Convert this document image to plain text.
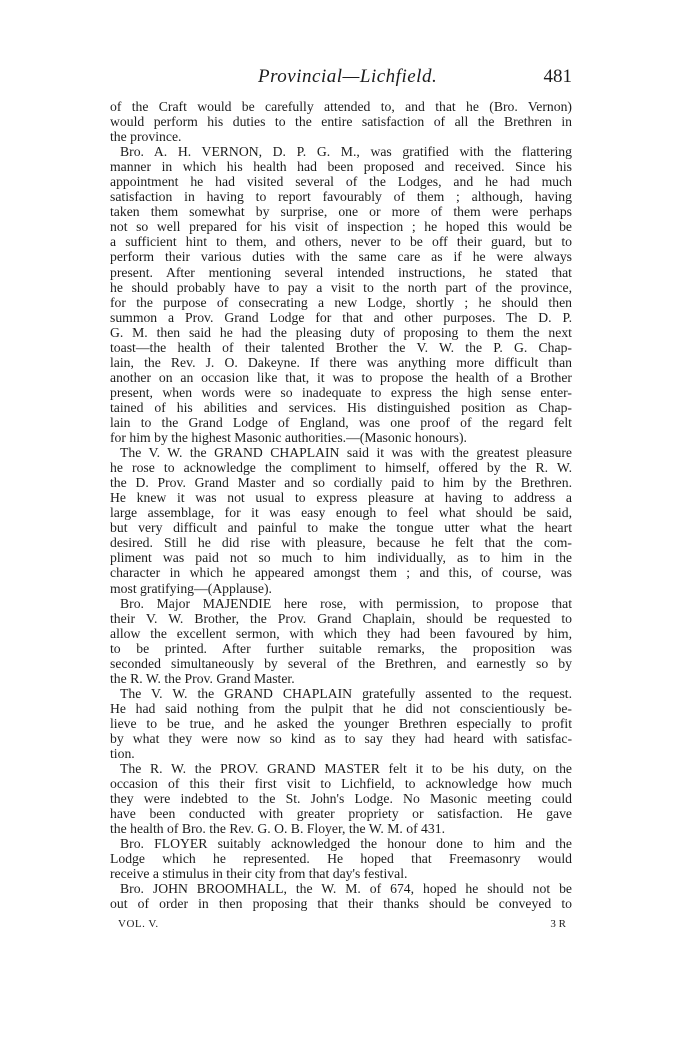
Provincial—Lichfield.	481
of the Craft would be carefully attended to, and that he (Bro. Vernon)
would perform his duties to the entire satisfaction of all the Brethren in
the province.
Bro. A. H. VERNON, D. P. G. M., was gratified with the flattering
manner in which his health had been proposed and received. Since his
appointment he had visited several of the Lodges, and he had much
satisfaction in having to report favourably of them ; although, having
taken them somewhat by surprise, one or more of them were perhaps
not so well prepared for his visit of inspection ; he hoped this would be
a sufficient hint to them, and others, never to be off their guard, but to
perform their various duties with the same care as if he were always
present. After mentioning several intended instructions, he stated that
he should probably have to pay a visit to the north part of the province,
for the purpose of consecrating a new Lodge, shortly ; he should then
summon a Prov. Grand Lodge for that and other purposes. The D. P.
G. M. then said he had the pleasing duty of proposing to them the next
toast—the health of their talented Brother the V. W. the P. G. Chap-
lain, the Rev. J. O. Dakeyne. If there was anything more difficult than
another on an occasion like that, it was to propose the health of a Brother
present, when words were so inadequate to express the high sense enter-
tained of his abilities and services. His distinguished position as Chap-
lain to the Grand Lodge of England, was one proof of the regard felt
for him by the highest Masonic authorities.—(Masonic honours).
The V. W. the GRAND CHAPLAIN said it was with the greatest pleasure
he rose to acknowledge the compliment to himself, offered by the R. W.
the D. Prov. Grand Master and so cordially paid to him by the Brethren.
He knew it was not usual to express pleasure at having to address a
large assemblage, for it was easy enough to feel what should be said,
but very difficult and painful to make the tongue utter what the heart
desired. Still he did rise with pleasure, because he felt that the com-
pliment was paid not so much to him individually, as to him in the
character in which he appeared amongst them ; and this, of course, was
most gratifying—(Applause).
Bro. Major MAJENDIE here rose, with permission, to propose that
their V. W. Brother, the Prov. Grand Chaplain, should be requested to
allow the excellent sermon, with which they had been favoured by him,
to be printed. After further suitable remarks, the proposition was
seconded simultaneously by several of the Brethren, and earnestly so by
the R. W. the Prov. Grand Master.
The V. W. the GRAND CHAPLAIN gratefully assented to the request.
He had said nothing from the pulpit that he did not conscientiously be-
lieve to be true, and he asked the younger Brethren especially to profit
by what they were now so kind as to say they had heard with satisfac-
tion.
The R. W. the PROV. GRAND MASTER felt it to be his duty, on the
occasion of this their first visit to Lichfield, to acknowledge how much
they were indebted to the St. John's Lodge. No Masonic meeting could
have been conducted with greater propriety or satisfaction. He gave
the health of Bro. the Rev. G. O. B. Floyer, the W. M. of 431.
Bro. FLOYER suitably acknowledged the honour done to him and the
Lodge which he represented. He hoped that Freemasonry would
receive a stimulus in their city from that day's festival.
Bro. JOHN BROOMHALL, the W. M. of 674, hoped he should not be
out of order in then proposing that their thanks should be conveyed to
VOL. V.	3 R
